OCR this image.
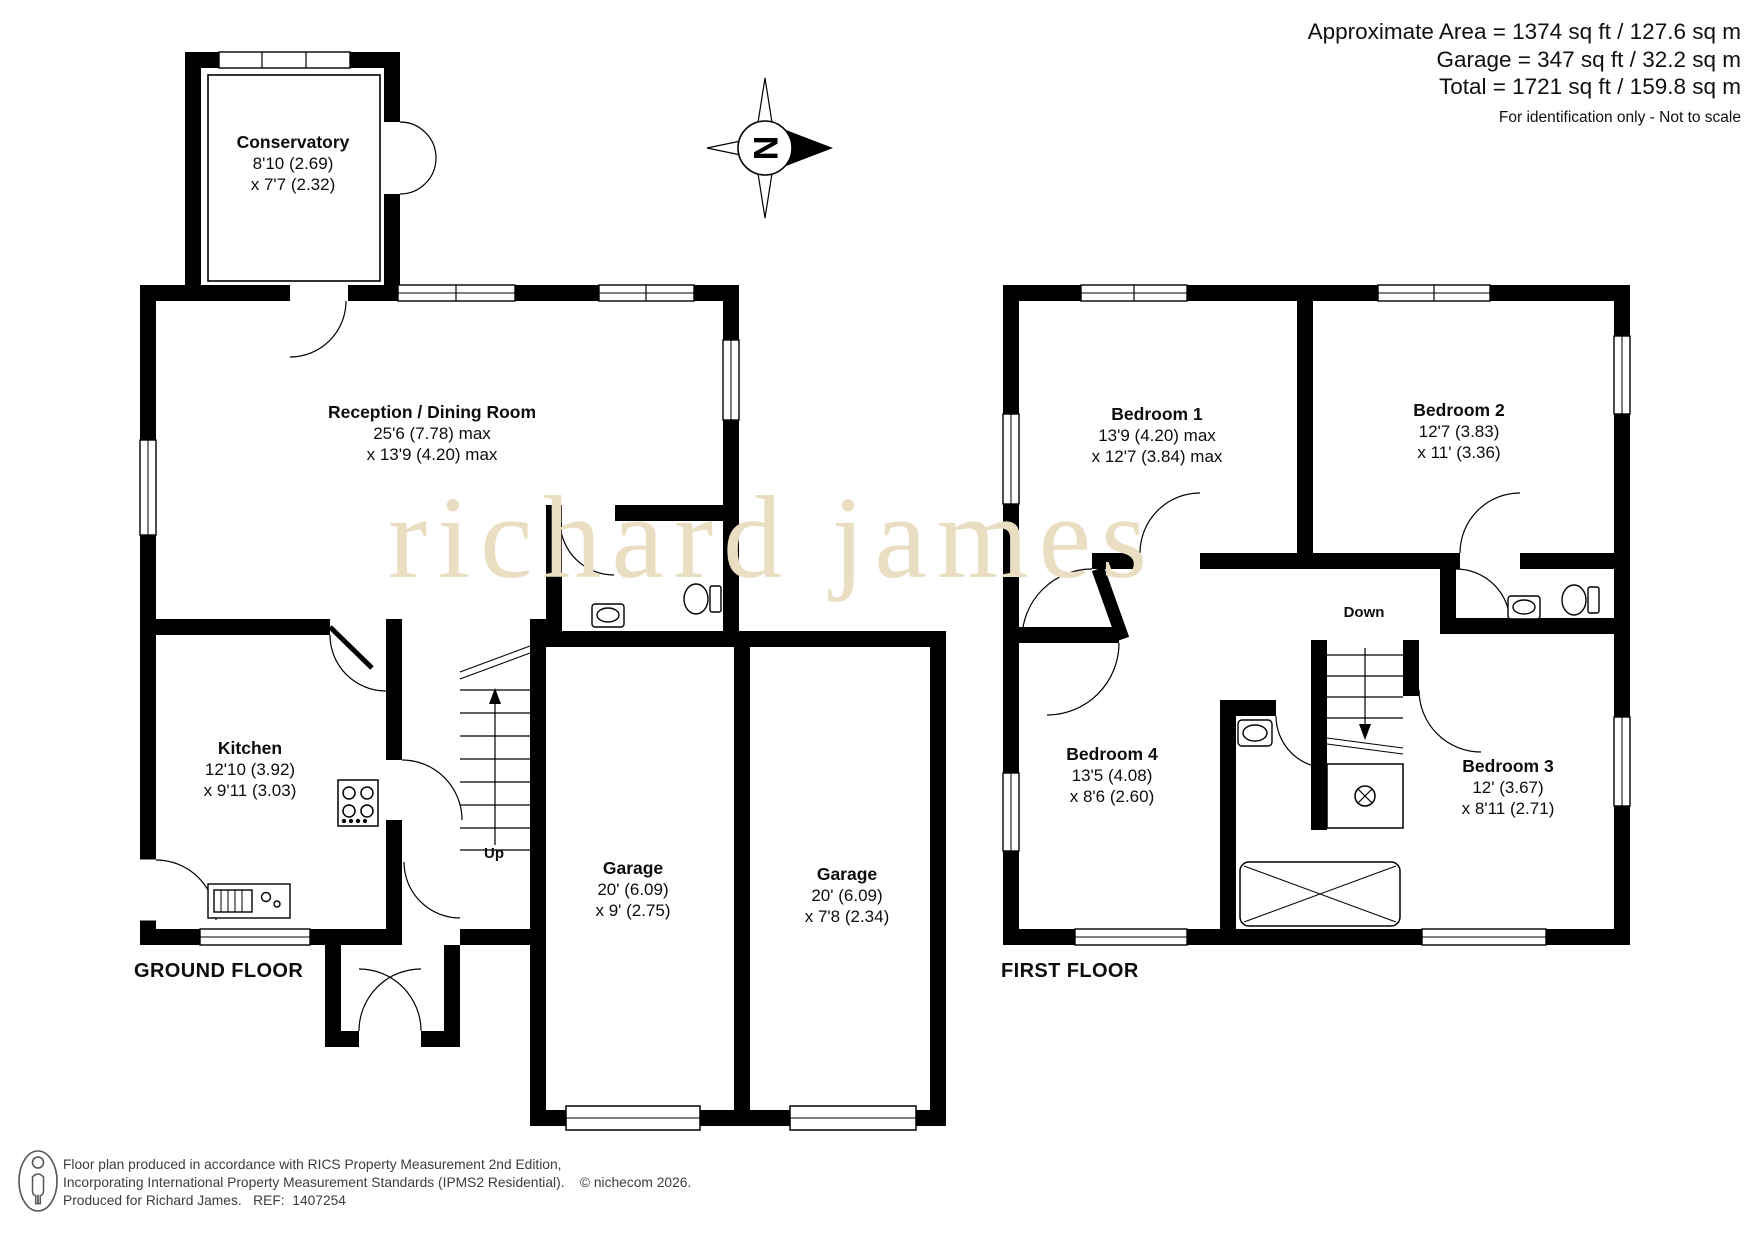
N
richard james
Approximate Area = 1374 sq ft / 127.6 sq m
Garage = 347 sq ft / 32.2 sq m
Total = 1721 sq ft / 159.8 sq m
For identification only - Not to scale
Conservatory
8'10 (2.69)
x 7'7 (2.32)
Reception / Dining Room
25'6 (7.78) max
x 13'9 (4.20) max
Kitchen
12'10 (3.92)
x 9'11 (3.03)
Garage
20' (6.09)
x 9' (2.75)
Garage
20' (6.09)
x 7'8 (2.34)
Up
GROUND FLOOR
Bedroom 1
13'9 (4.20) max
x 12'7 (3.84) max
Bedroom 2
12'7 (3.83)
x 11' (3.36)
Bedroom 4
13'5 (4.08)
x 8'6 (2.60)
Bedroom 3
12' (3.67)
x 8'11 (2.71)
Down
FIRST FLOOR
Floor plan produced in accordance with RICS Property Measurement 2nd Edition,
Incorporating International Property Measurement Standards (IPMS2 Residential).    © nichecom 2026.
Produced for Richard James.   REF:  1407254
